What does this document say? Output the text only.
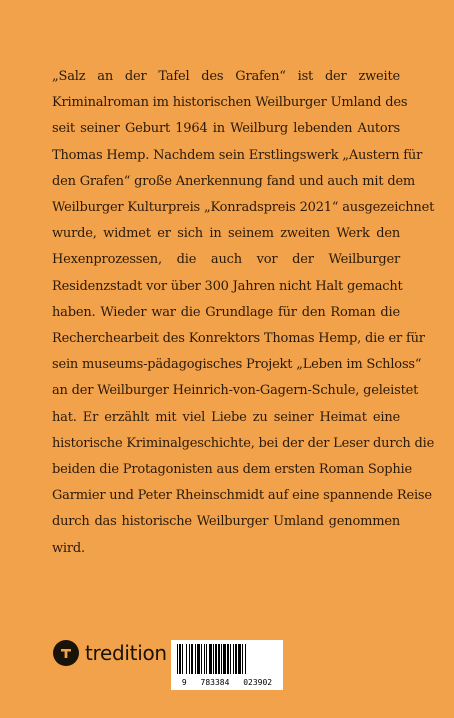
„Salz an der Tafel des Grafen“ ist der zweite
Kriminalroman im historischen Weilburger Umland des
seit seiner Geburt 1964 in Weilburg lebenden Autors
Thomas Hemp. Nachdem sein Erstlingswerk „Austern für
den Grafen“ große Anerkennung fand und auch mit dem
Weilburger Kulturpreis „Konradspreis 2021“ ausgezeichnet
wurde, widmet er sich in seinem zweiten Werk den
Hexenprozessen, die auch vor der Weilburger
Residenzstadt vor über 300 Jahren nicht Halt gemacht
haben. Wieder war die Grundlage für den Roman die
Recherchearbeit des Konrektors Thomas Hemp, die er für
sein museums-pädagogisches Projekt „Leben im Schloss“
an der Weilburger Heinrich-von-Gagern-Schule, geleistet
hat. Er erzählt mit viel Liebe zu seiner Heimat eine
historische Kriminalgeschichte, bei der der Leser durch die
beiden die Protagonisten aus dem ersten Roman Sophie
Garmier und Peter Rheinschmidt auf eine spannende Reise
durch das historische Weilburger Umland genommen
wird.
tredition
9 783384 023902
